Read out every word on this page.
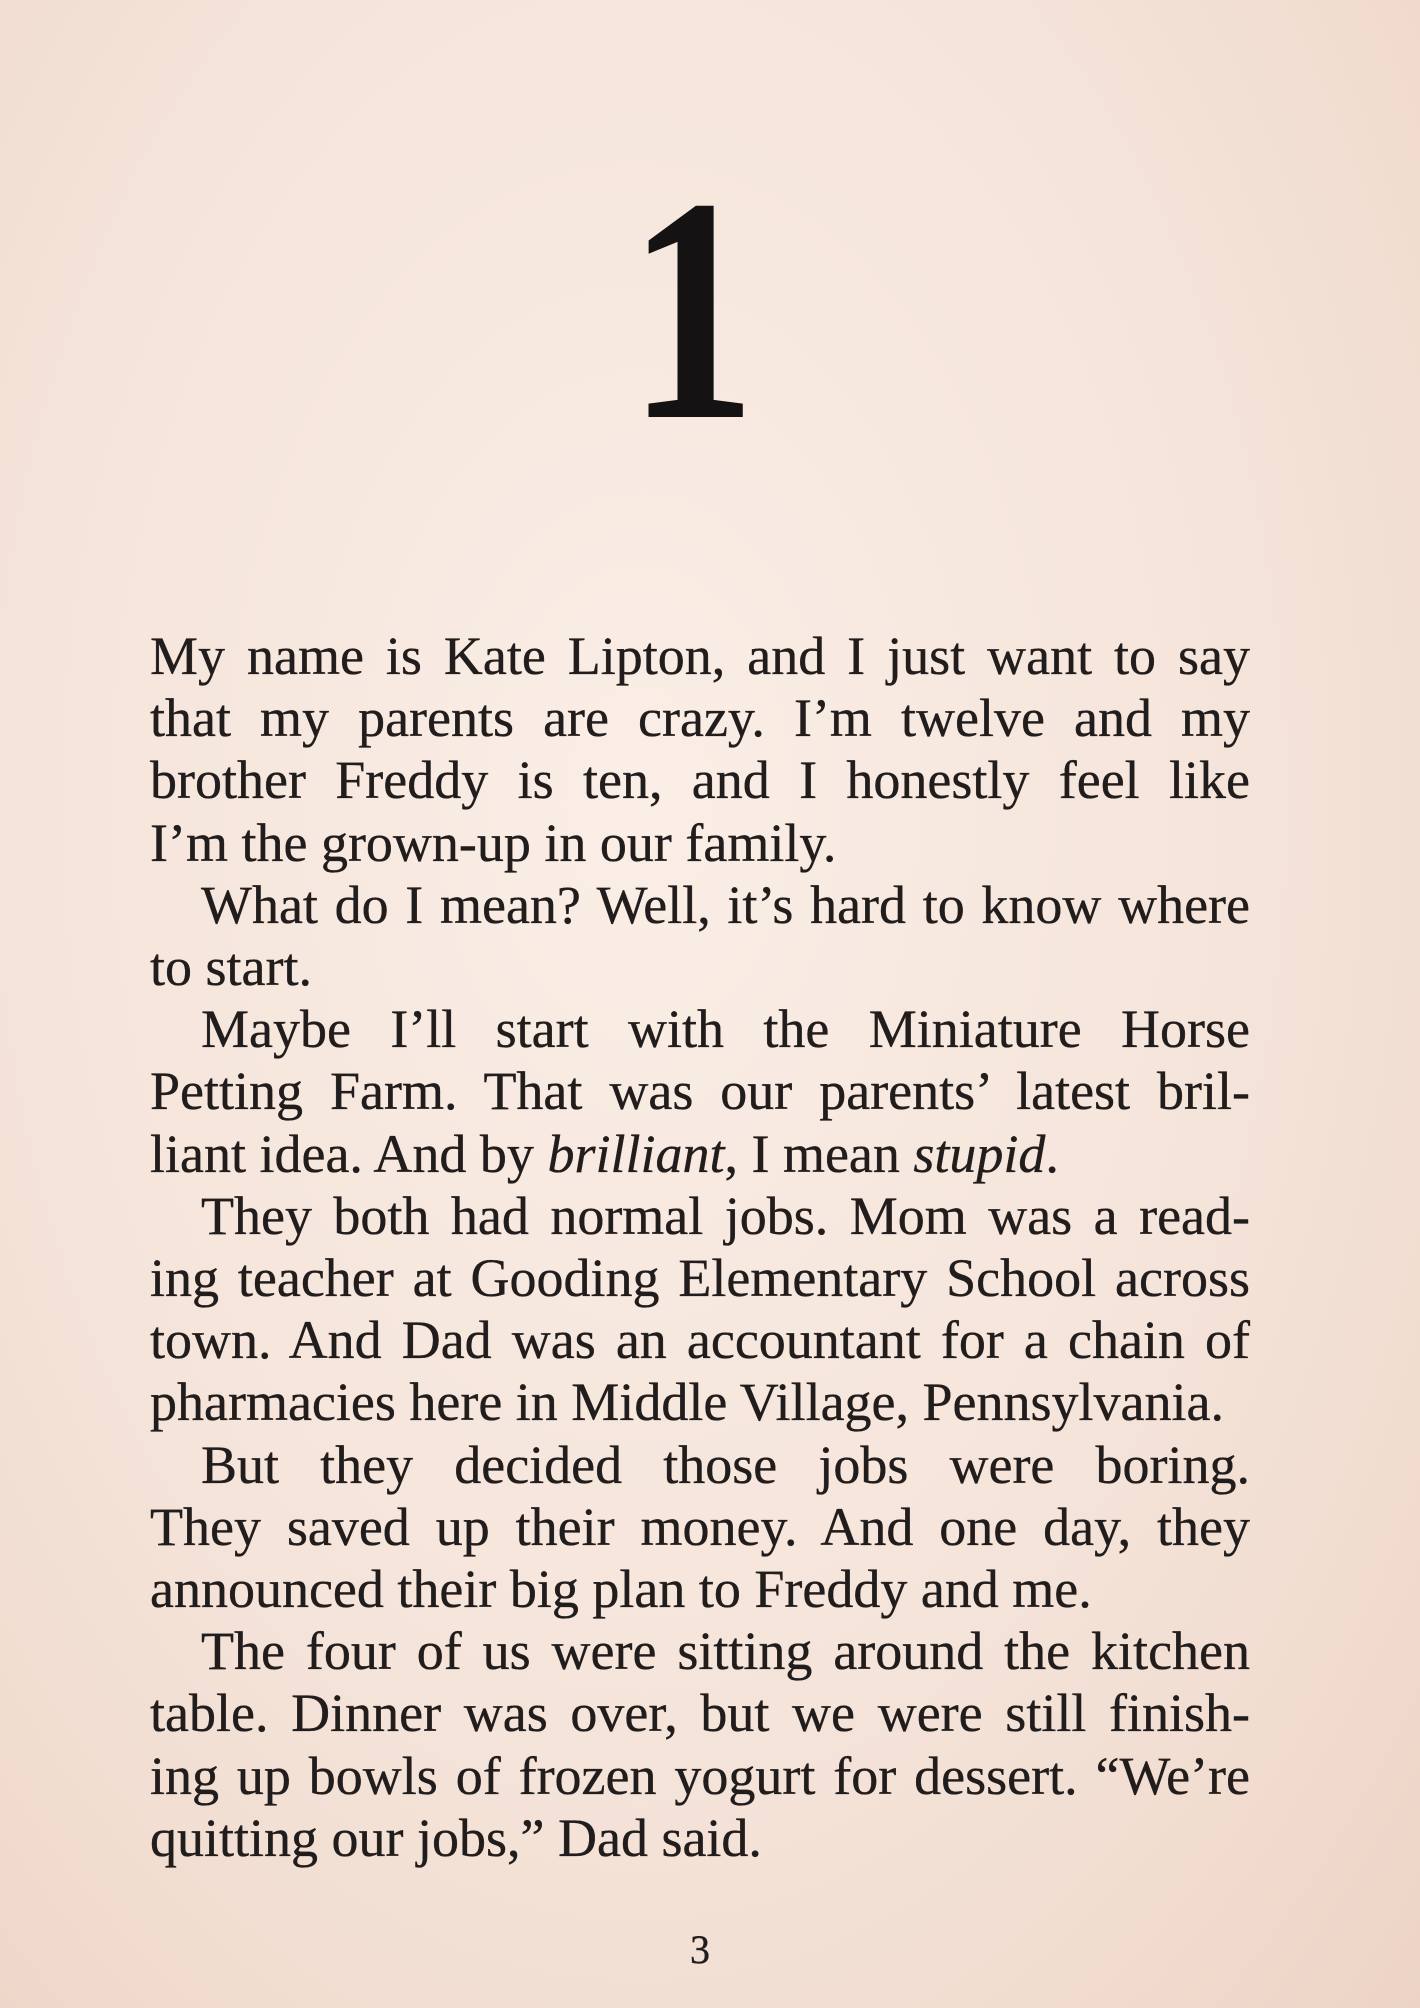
1
My name is Kate Lipton, and I just want to say
that my parents are crazy. I’m twelve and my
brother Freddy is ten, and I honestly feel like
I’m the grown-up in our family.
What do I mean? Well, it’s hard to know where
to start.
Maybe I’ll start with the Miniature Horse
Petting Farm. That was our parents’ latest bril-
liant idea. And by brilliant, I mean stupid.
They both had normal jobs. Mom was a read-
ing teacher at Gooding Elementary School across
town. And Dad was an accountant for a chain of
pharmacies here in Middle Village, Pennsylvania.
But they decided those jobs were boring.
They saved up their money. And one day, they
announced their big plan to Freddy and me.
The four of us were sitting around the kitchen
table. Dinner was over, but we were still finish-
ing up bowls of frozen yogurt for dessert. “We’re
quitting our jobs,” Dad said.
3
